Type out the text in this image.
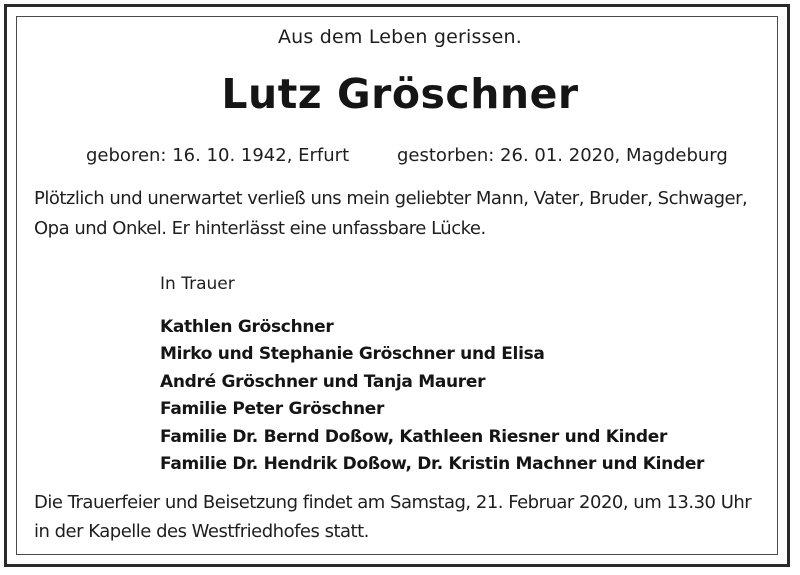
Aus dem Leben gerissen.
Lutz Gröschner
geboren: 16. 10. 1942, Erfurt	gestorben: 26. 01. 2020, Magdeburg
Plötzlich und unerwartet verließ uns mein geliebter Mann, Vater, Bruder, Schwager,
Opa und Onkel. Er hinterlässt eine unfassbare Lücke.
In Trauer
Kathlen Gröschner
Mirko und Stephanie Gröschner und Elisa
André Gröschner und Tanja Maurer
Familie Peter Gröschner
Familie Dr. Bernd Doßow, Kathleen Riesner und Kinder
Familie Dr. Hendrik Doßow, Dr. Kristin Machner und Kinder
Die Trauerfeier und Beisetzung findet am Samstag, 21. Februar 2020, um 13.30 Uhr
in der Kapelle des Westfriedhofes statt.
